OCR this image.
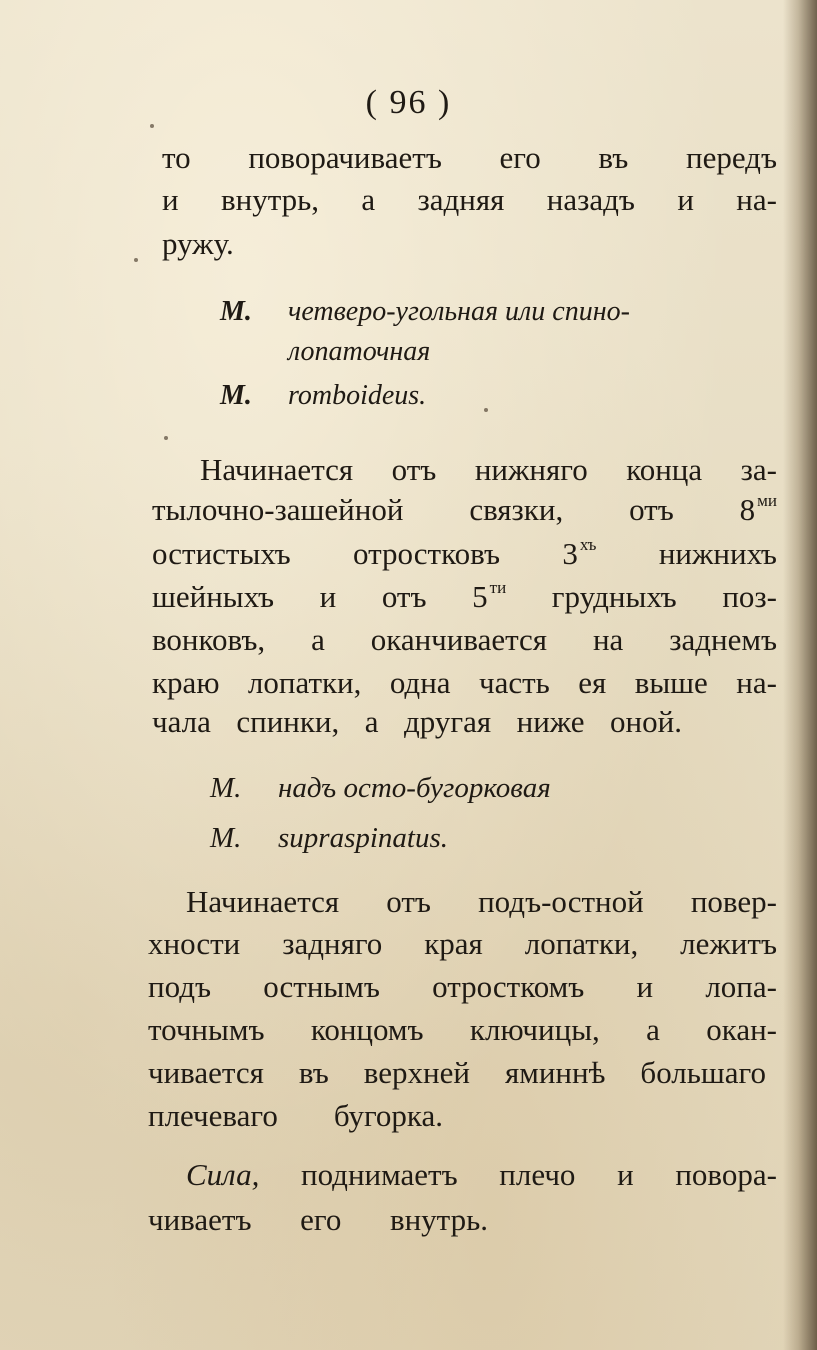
( 96 )
то поворачиваетъ его въ передъ
и внутрь, а задняя назадъ и на-
ружу.
М. четверо-угольная или спино-
лопаточная
М. romboideus.
Начинается отъ нижняго конца за-
тылочно-зашейной связки, отъ 8 $^{ми}$
остистыхъ отростковъ 3 $^{хъ}$ нижнихъ
шейныхъ и отъ 5 $^{ти}$ грудныхъ поз-
вонковъ, а оканчивается на заднемъ
краю лопатки, одна часть ея выше на-
чала спинки, а другая ниже оной.
М. надъ осто-бугорковая
М. supraspinatus.
Начинается отъ подъ-остной повер-
хности задняго края лопатки, лежитъ
подъ остнымъ отросткомъ и лопа-
точнымъ концомъ ключицы, а окан-
чивается въ верхней яминнѣ большаго
плечеваго бугорка.
Сила, поднимаетъ плечо и повора-
чиваетъ его внутрь.
